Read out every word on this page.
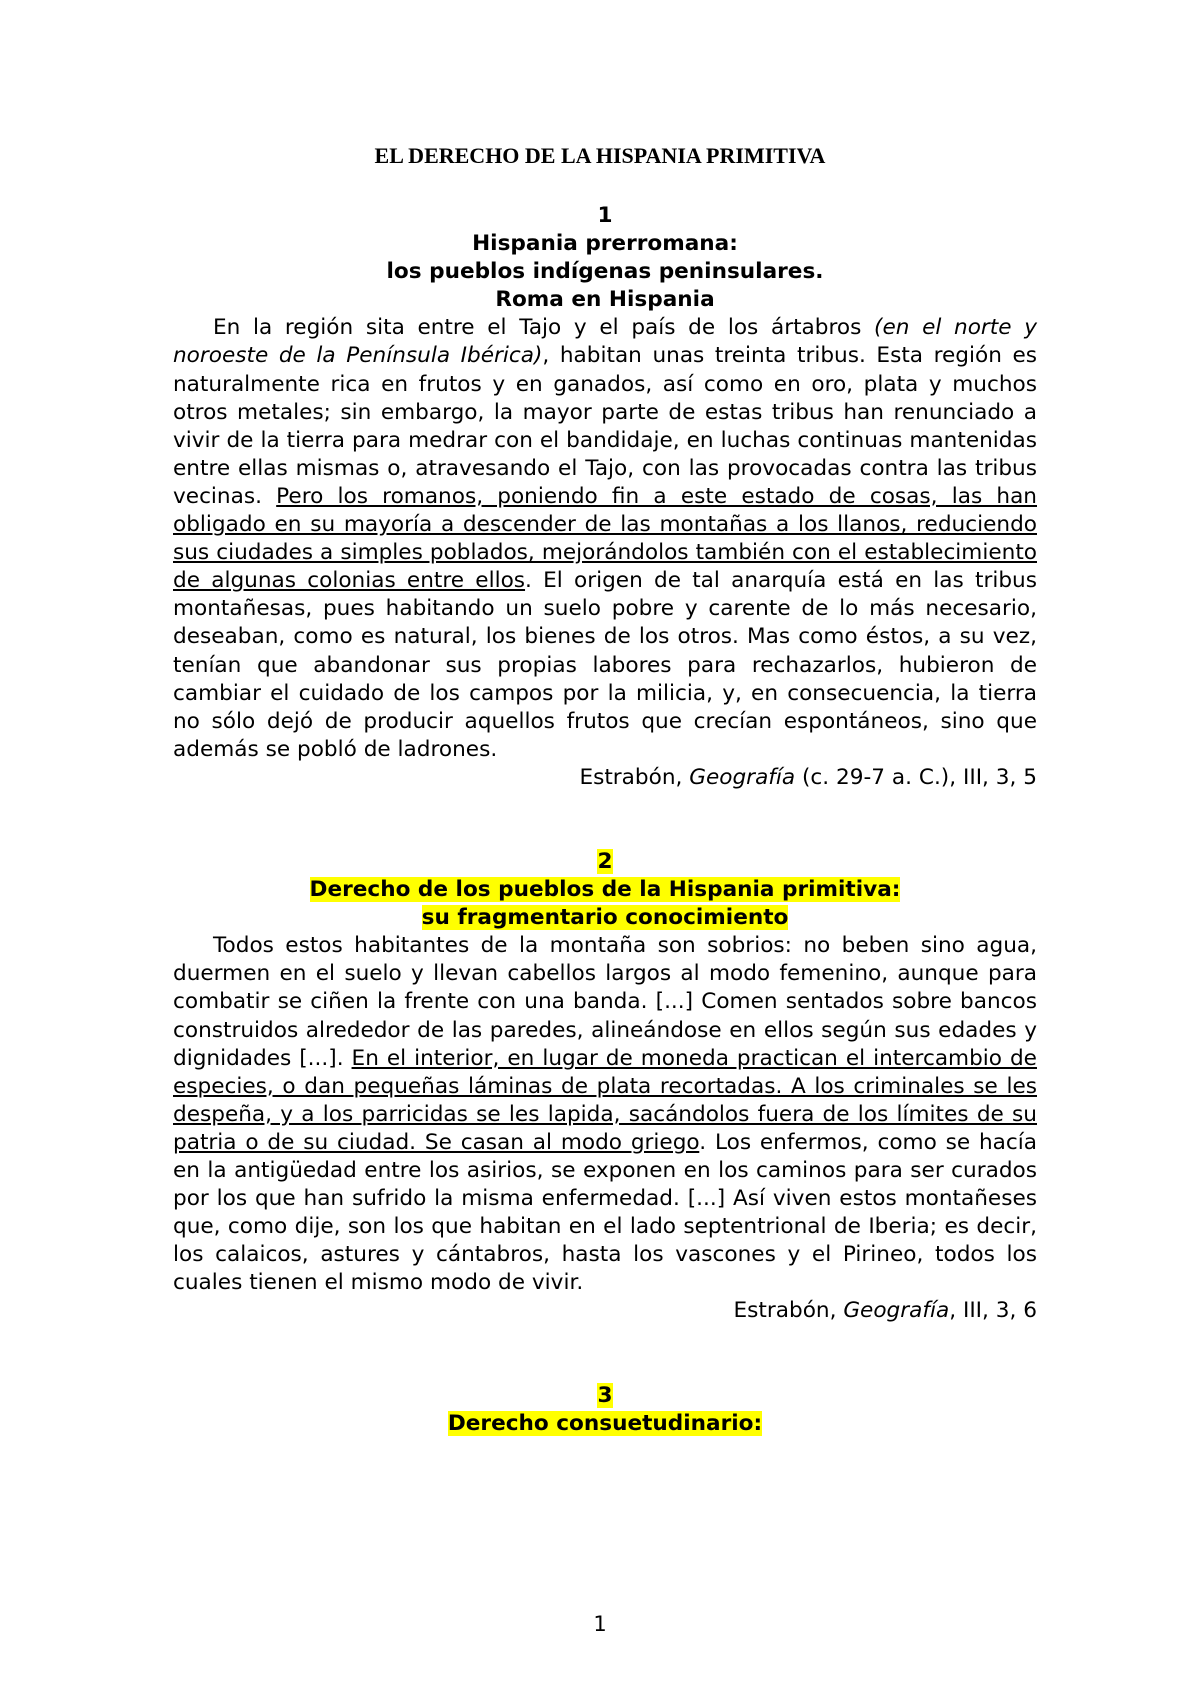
EL DERECHO DE LA HISPANIA PRIMITIVA
1
Hispania prerromana:
los pueblos indígenas peninsulares.
Roma en Hispania

En la región sita entre el Tajo y el país de los ártabros (en el norte y noroeste de la Península Ibérica), habitan unas treinta tribus. Esta región es naturalmente rica en frutos y en ganados, así como en oro, plata y muchos otros metales; sin embargo, la mayor parte de estas tribus han renunciado a vivir de la tierra para medrar con el bandidaje, en luchas continuas mantenidas entre ellas mismas o, atravesando el Tajo, con las provocadas contra las tribus vecinas. Pero los romanos, poniendo fin a este estado de cosas, las han obligado en su mayoría a descender de las montañas a los llanos, reduciendo sus ciudades a simples poblados, mejorándolos también con el establecimiento de algunas colonias entre ellos. El origen de tal anarquía está en las tribus montañesas, pues habitando un suelo pobre y carente de lo más necesario, deseaban, como es natural, los bienes de los otros. Mas como éstos, a su vez, tenían que abandonar sus propias labores para rechazarlos, hubieron de cambiar el cuidado de los campos por la milicia, y, en consecuencia, la tierra no sólo dejó de producir aquellos frutos que crecían espontáneos, sino que además se pobló de ladrones.

Estrabón, Geografía (c. 29-7 a. C.), III, 3, 5
2
Derecho de los pueblos de la Hispania primitiva:
su fragmentario conocimiento

Todos estos habitantes de la montaña son sobrios: no beben sino agua, duermen en el suelo y llevan cabellos largos al modo femenino, aunque para combatir se ciñen la frente con una banda. [...] Comen sentados sobre bancos construidos alrededor de las paredes, alineándose en ellos según sus edades y dignidades [...]. En el interior, en lugar de moneda practican el intercambio de especies, o dan pequeñas láminas de plata recortadas. A los criminales se les despeña, y a los parricidas se les lapida, sacándolos fuera de los límites de su patria o de su ciudad. Se casan al modo griego. Los enfermos, como se hacía en la antigüedad entre los asirios, se exponen en los caminos para ser curados por los que han sufrido la misma enfermedad. [...] Así viven estos montañeses que, como dije, son los que habitan en el lado septentrional de Iberia; es decir, los calaicos, astures y cántabros, hasta los vascones y el Pirineo, todos los cuales tienen el mismo modo de vivir.

Estrabón, Geografía, III, 3, 6
3
Derecho consuetudinario:
1
